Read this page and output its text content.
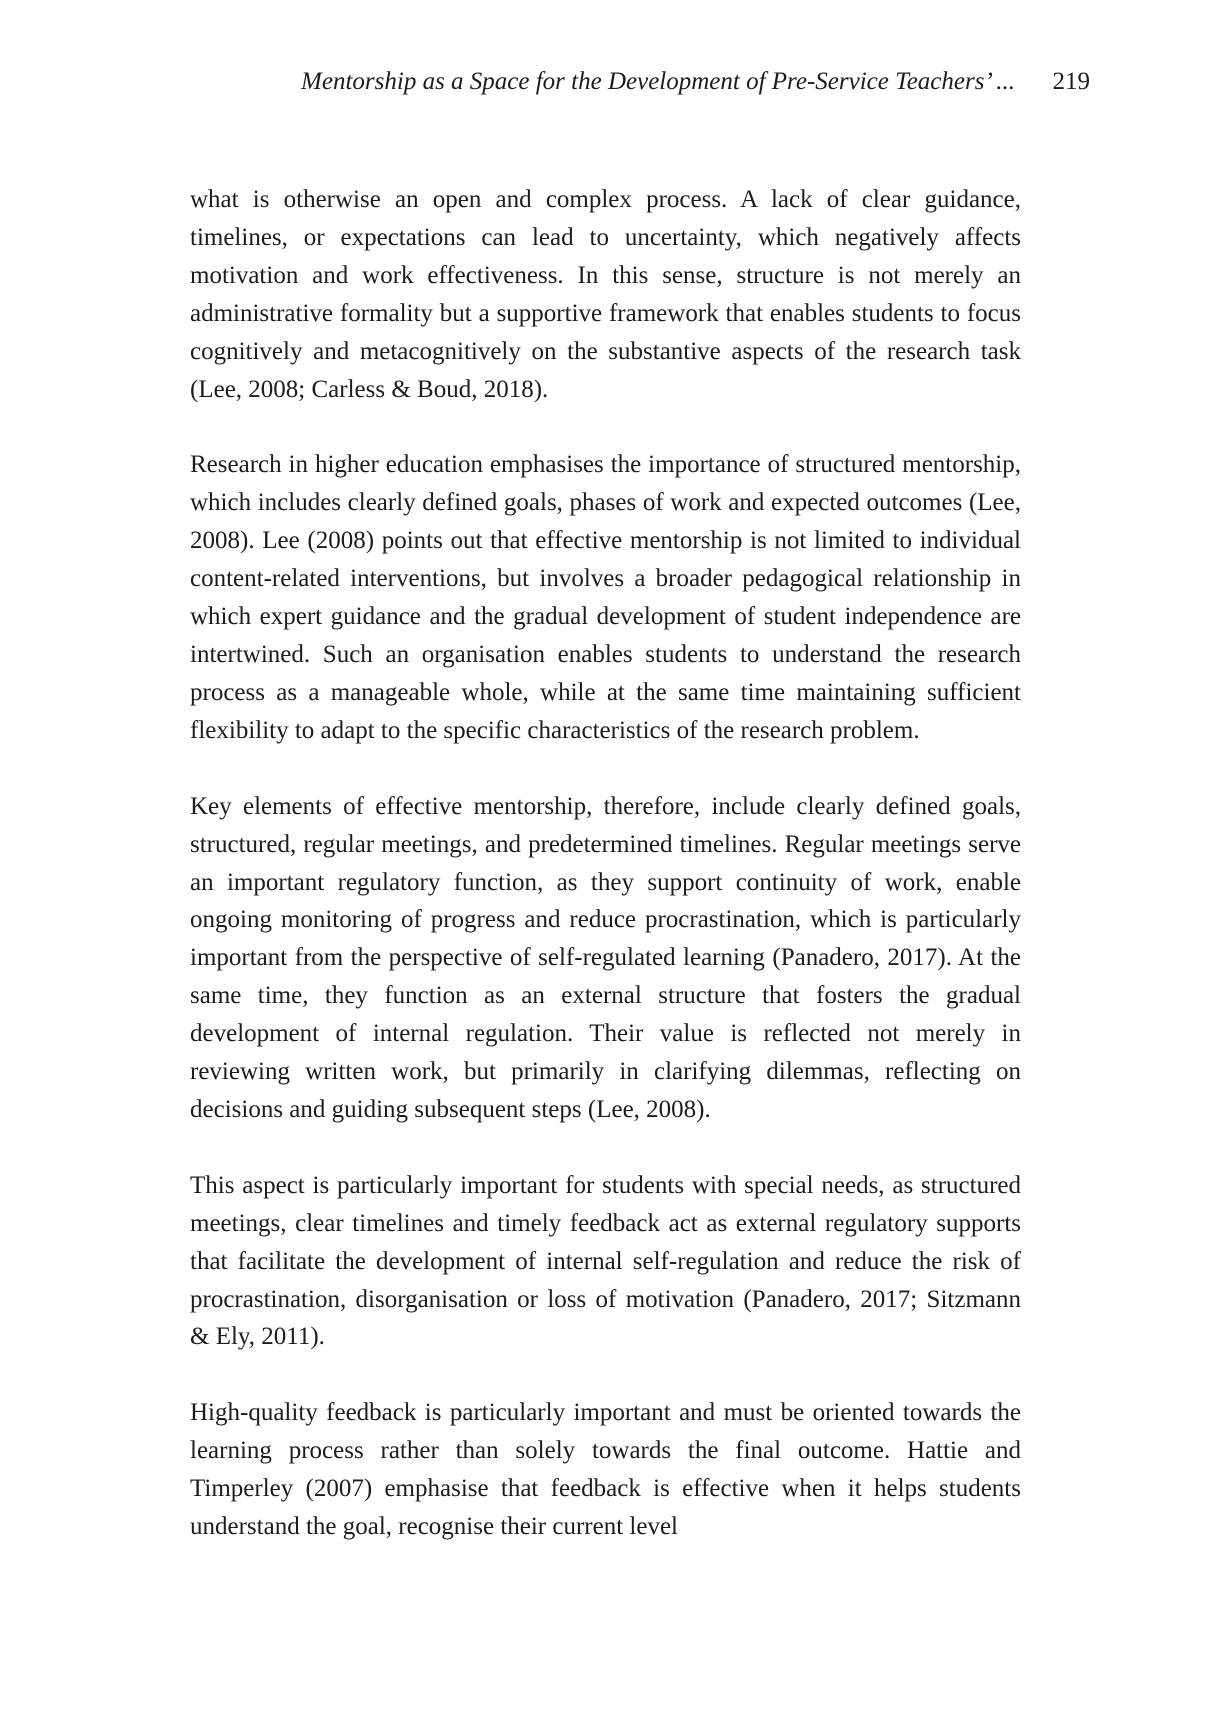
Mentorship as a Space for the Development of Pre-Service Teachers’ ... 219

what is otherwise an open and complex process. A lack of clear guidance, timelines, or expectations can lead to uncertainty, which negatively affects motivation and work effectiveness. In this sense, structure is not merely an administrative formality but a supportive framework that enables students to focus cognitively and metacognitively on the substantive aspects of the research task (Lee, 2008; Carless & Boud, 2018).

Research in higher education emphasises the importance of structured mentorship, which includes clearly defined goals, phases of work and expected outcomes (Lee, 2008). Lee (2008) points out that effective mentorship is not limited to individual content-related interventions, but involves a broader pedagogical relationship in which expert guidance and the gradual development of student independence are intertwined. Such an organisation enables students to understand the research process as a manageable whole, while at the same time maintaining sufficient flexibility to adapt to the specific characteristics of the research problem.

Key elements of effective mentorship, therefore, include clearly defined goals, structured, regular meetings, and predetermined timelines. Regular meetings serve an important regulatory function, as they support continuity of work, enable ongoing monitoring of progress and reduce procrastination, which is particularly important from the perspective of self-regulated learning (Panadero, 2017). At the same time, they function as an external structure that fosters the gradual development of internal regulation. Their value is reflected not merely in reviewing written work, but primarily in clarifying dilemmas, reflecting on decisions and guiding subsequent steps (Lee, 2008).

This aspect is particularly important for students with special needs, as structured meetings, clear timelines and timely feedback act as external regulatory supports that facilitate the development of internal self-regulation and reduce the risk of procrastination, disorganisation or loss of motivation (Panadero, 2017; Sitzmann & Ely, 2011).

High-quality feedback is particularly important and must be oriented towards the learning process rather than solely towards the final outcome. Hattie and Timperley (2007) emphasise that feedback is effective when it helps students understand the goal, recognise their current level
